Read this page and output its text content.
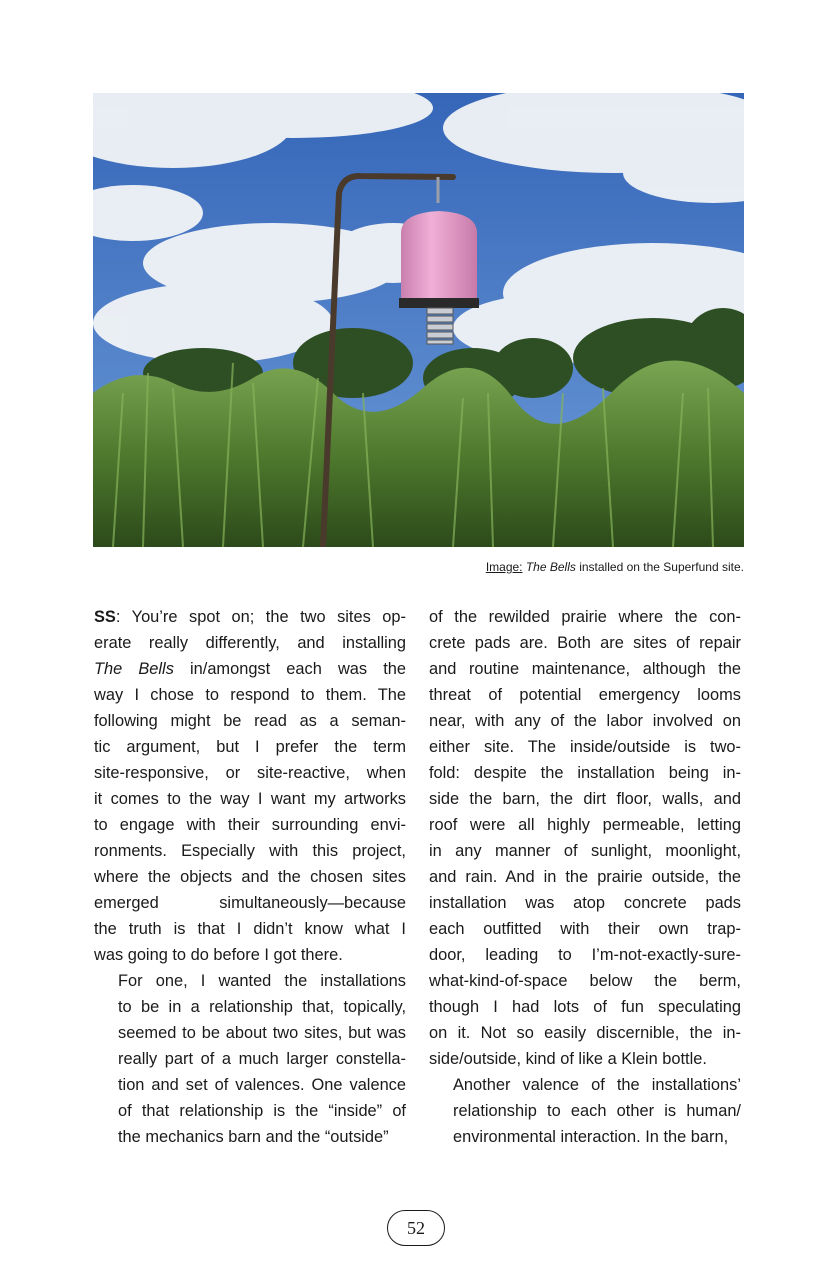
Image: The Bells installed on the Superfund site.

SS: You’re spot on; the two sites op-
erate really differently, and installing
The Bells in/amongst each was the
way I chose to respond to them. The
following might be read as a seman-
tic argument, but I prefer the term
site-responsive, or site-reactive, when
it comes to the way I want my artworks
to engage with their surrounding envi-
ronments. Especially with this project,
where the objects and the chosen sites
emerged simultaneously—because
the truth is that I didn’t know what I
was going to do before I got there.

For one, I wanted the installations
to be in a relationship that, topically,
seemed to be about two sites, but was
really part of a much larger constella-
tion and set of valences. One valence
of that relationship is the “inside” of
the mechanics barn and the “outside”

of the rewilded prairie where the con-
crete pads are. Both are sites of repair
and routine maintenance, although the
threat of potential emergency looms
near, with any of the labor involved on
either site. The inside/outside is two-
fold: despite the installation being in-
side the barn, the dirt floor, walls, and
roof were all highly permeable, letting
in any manner of sunlight, moonlight,
and rain. And in the prairie outside, the
installation was atop concrete pads
each outfitted with their own trap-
door, leading to I’m-not-exactly-sure-
what-kind-of-space below the berm,
though I had lots of fun speculating
on it. Not so easily discernible, the in-
side/outside, kind of like a Klein bottle.

Another valence of the installations’
relationship to each other is human/
environmental interaction. In the barn,

52
